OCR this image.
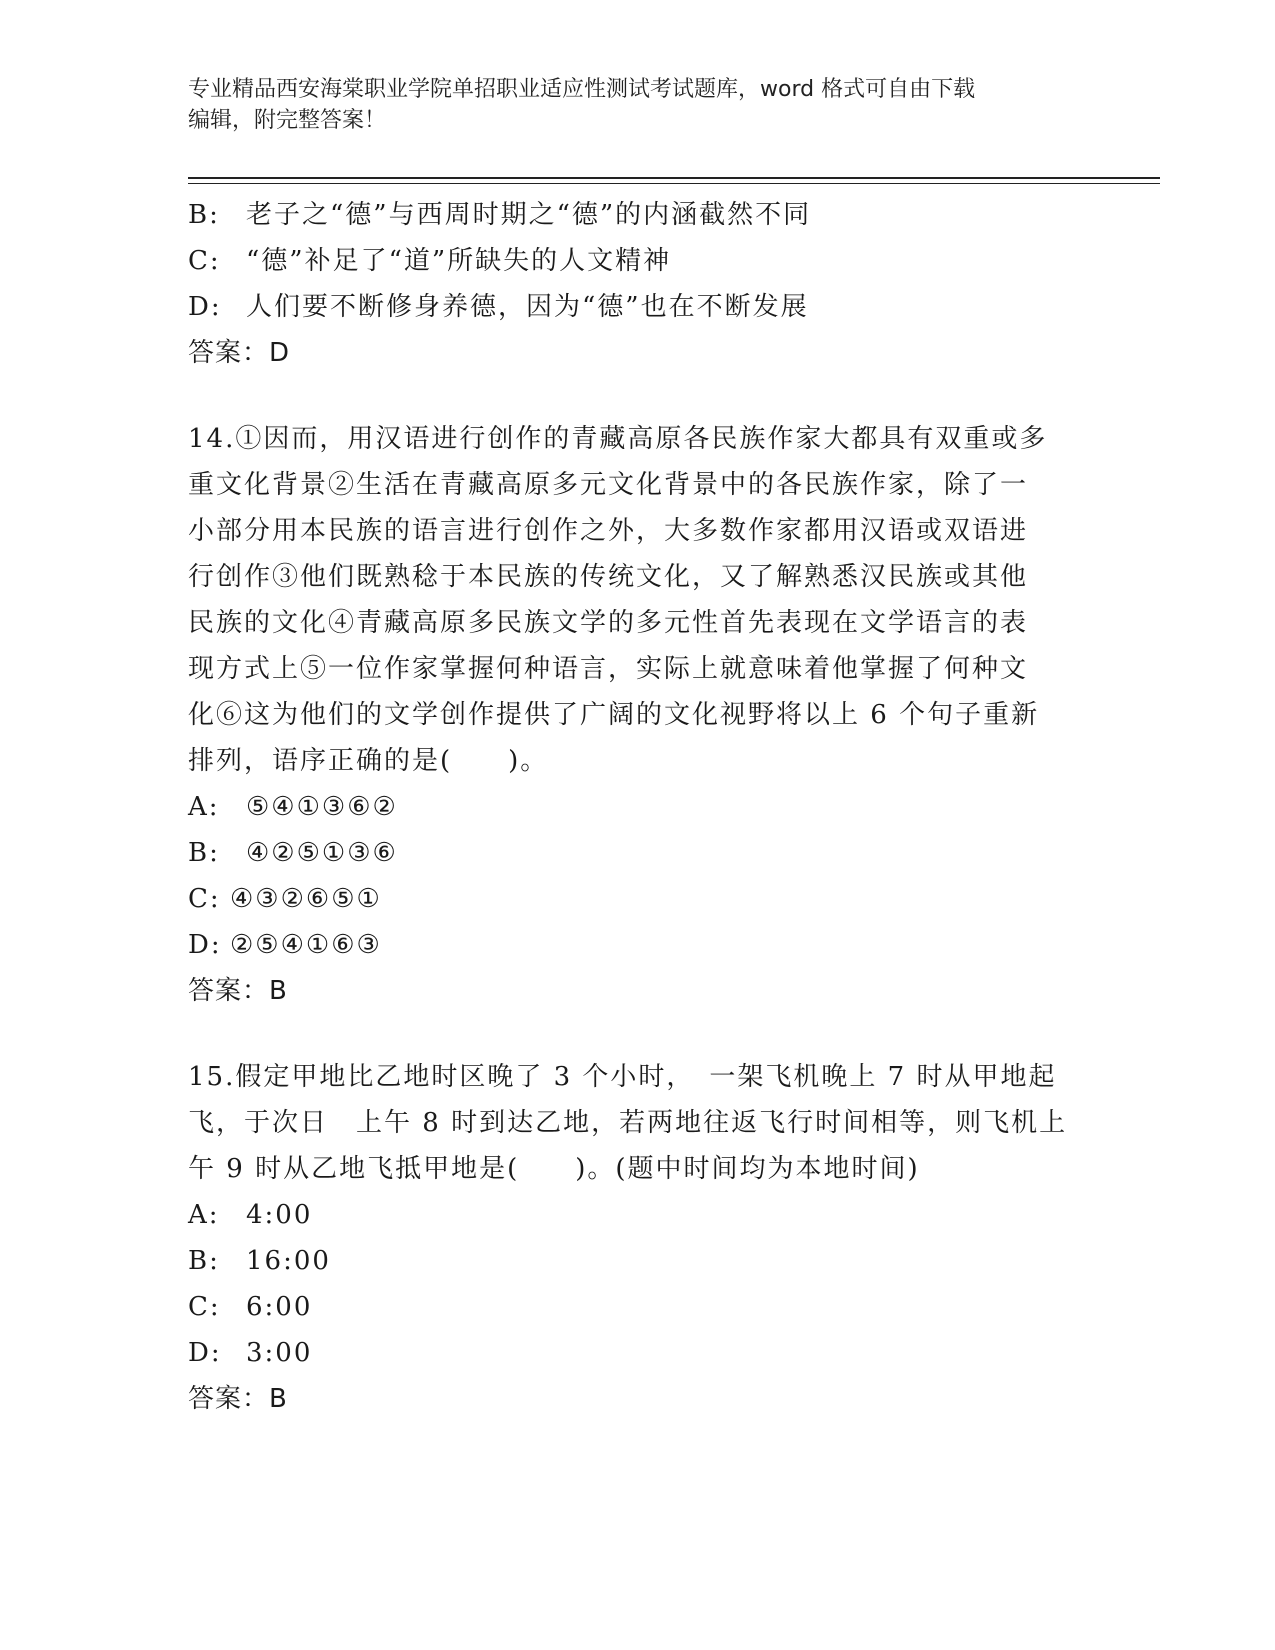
专业精品西安海棠职业学院单招职业适应性测试考试题库，word 格式可自由下载
编辑，附完整答案！
B: 老子之“德”与西周时期之“德”的内涵截然不同
C: “德”补足了“道”所缺失的人文精神
D: 人们要不断修身养德，因为“德”也在不断发展
答案：D
14.①因而，用汉语进行创作的青藏高原各民族作家大都具有双重或多
重文化背景②生活在青藏高原多元文化背景中的各民族作家，除了一
小部分用本民族的语言进行创作之外，大多数作家都用汉语或双语进
行创作③他们既熟稔于本民族的传统文化，又了解熟悉汉民族或其他
民族的文化④青藏高原多民族文学的多元性首先表现在文学语言的表
现方式上⑤一位作家掌握何种语言，实际上就意味着他掌握了何种文
化⑥这为他们的文学创作提供了广阔的文化视野将以上 6 个句子重新
排列，语序正确的是(　　)。
A: ⑤④①③⑥②
B: ④②⑤①③⑥
C: ④③②⑥⑤①
D: ②⑤④①⑥③
答案：B
15.假定甲地比乙地时区晚了 3 个小时，　一架飞机晚上 7 时从甲地起
飞，于次日　上午 8 时到达乙地，若两地往返飞行时间相等，则飞机上
午 9 时从乙地飞抵甲地是(　　)。(题中时间均为本地时间)
A: 4:00
B: 16:00
C: 6:00
D: 3:00
答案：B
